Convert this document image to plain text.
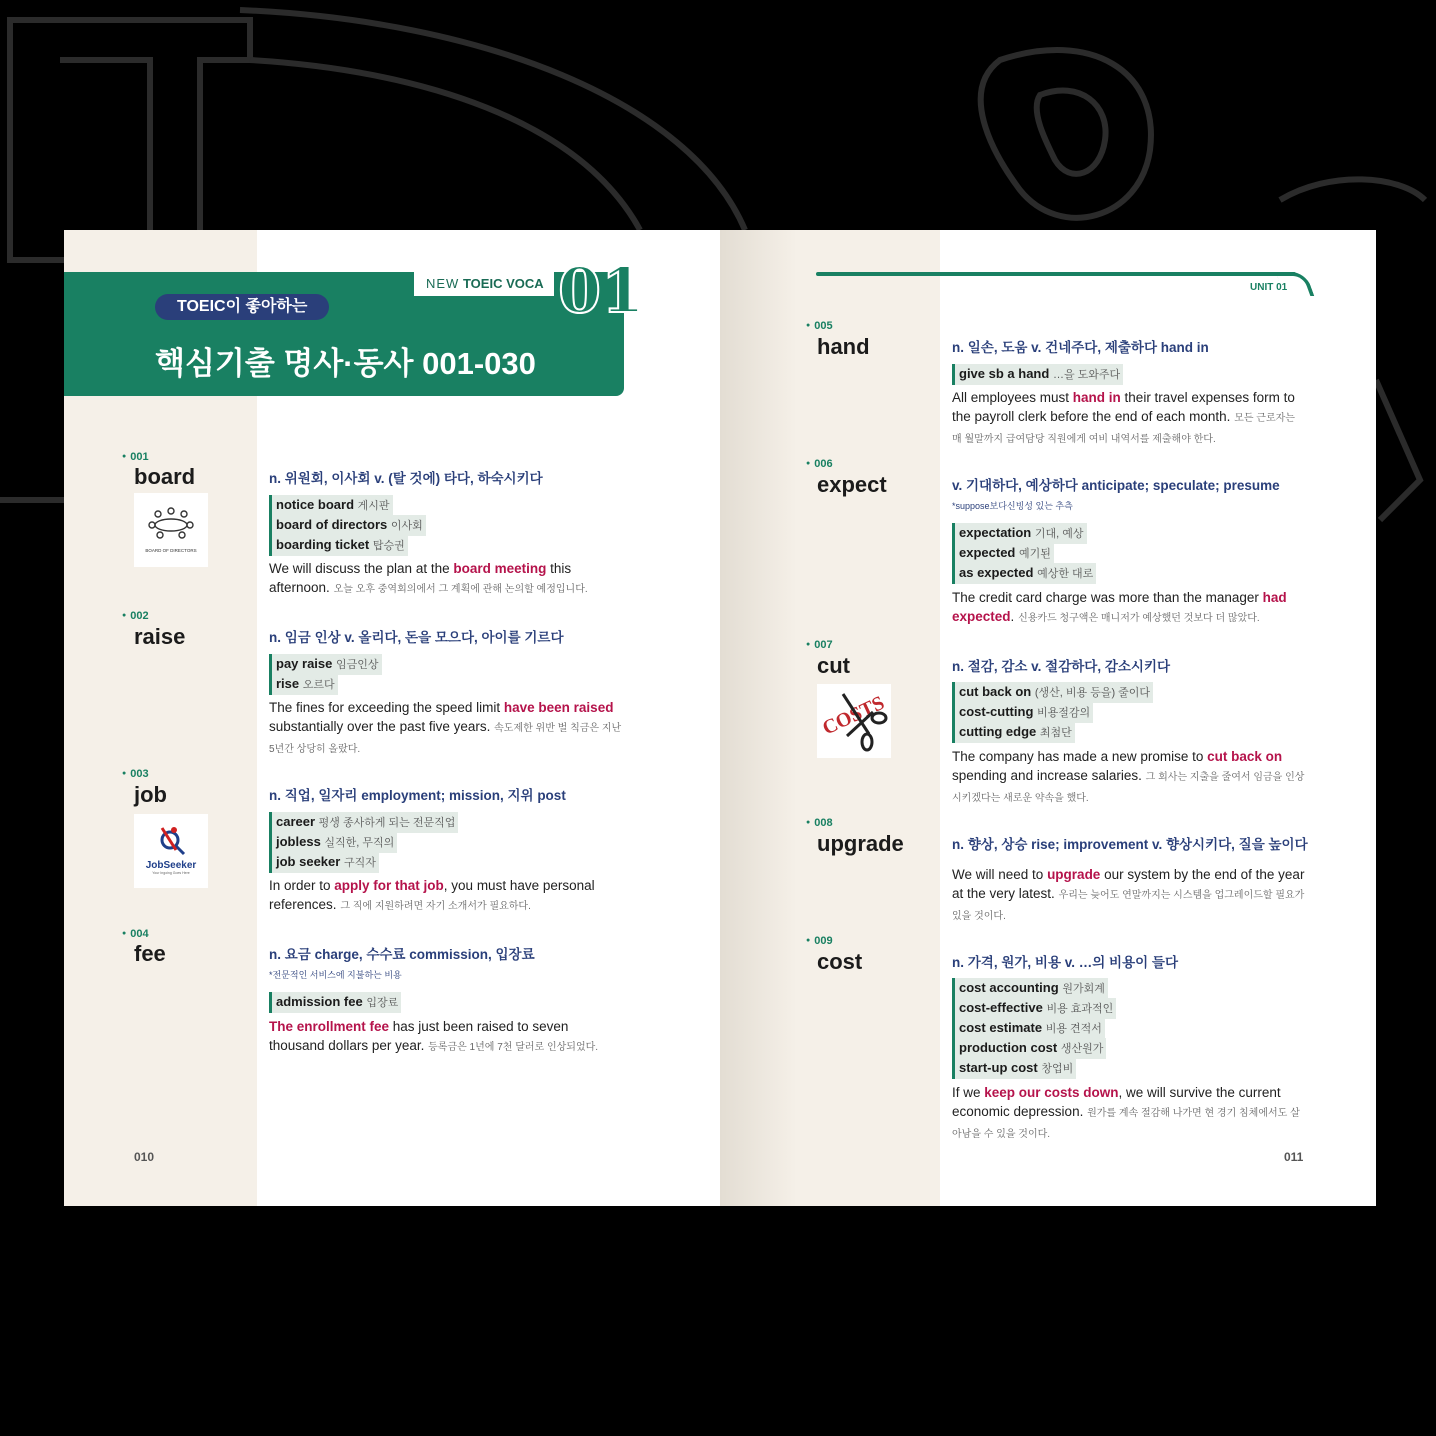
NEW TOEIC VOCA 01
TOEIC이 좋아하는
핵심기출 명사·동사 001-030
● 001
board
BOARD OF DIRECTORS
n. 위원회, 이사회 v. (탈 것에) 타다, 하숙시키다
notice board 게시판
board of directors 이사회
boarding ticket 탑승권
We will discuss the plan at the board meeting this afternoon. 오늘 오후 중역회의에서 그 계획에 관해 논의할 예정입니다.
● 002
raise	n. 임금 인상 v. 올리다, 돈을 모으다, 아이를 기르다
pay raise 임금인상
rise 오르다
The fines for exceeding the speed limit have been raised substantially over the past five years. 속도제한 위반 벌 칙금은 지난 5년간 상당히 올랐다.
● 003
job
JobSeeker
Your Ingoing Goes Here
n. 직업, 일자리 employment; mission, 지위 post
career 평생 종사하게 되는 전문직업
jobless 실직한, 무직의
job seeker 구직자
In order to apply for that job, you must have personal references. 그 직에 지원하려면 자기 소개서가 필요하다.
● 004
fee	n. 요금 charge, 수수료 commission, 입장료
*전문적인 서비스에 지불하는 비용
admission fee 입장료
The enrollment fee has just been raised to seven thousand dollars per year. 등록금은 1년에 7천 달러로 인상되었다.
010
UNIT 01
● 005
hand	n. 일손, 도움 v. 건네주다, 제출하다 hand in
give sb a hand …을 도와주다
All employees must hand in their travel expenses form to the payroll clerk before the end of each month. 모든 근로자는 매 월말까지 급여담당 직원에게 여비 내역서를 제출해야 한다.
● 006
expect	v. 기대하다, 예상하다 anticipate; speculate; presume
*suppose보다신빙성 있는 추측
expectation 기대, 예상
expected 예기된
as expected 예상한 대로
The credit card charge was more than the manager had expected. 신용카드 청구액은 매니저가 예상했던 것보다 더 많았다.
● 007
cut
COSTS
n. 절감, 감소 v. 절감하다, 감소시키다
cut back on (생산, 비용 등을) 줄이다
cost-cutting 비용절감의
cutting edge 최첨단
The company has made a new promise to cut back on spending and increase salaries. 그 회사는 지출을 줄여서 임금을 인상시키겠다는 새로운 약속을 했다.
● 008
upgrade	n. 향상, 상승 rise; improvement v. 향상시키다, 질을 높이다
We will need to upgrade our system by the end of the year at the very latest. 우리는 늦어도 연말까지는 시스템을 업그레이드할 필요가 있을 것이다.
● 009
cost	n. 가격, 원가, 비용 v. …의 비용이 들다
cost accounting 원가회계
cost-effective 비용 효과적인
cost estimate 비용 견적서
production cost 생산원가
start-up cost 창업비
If we keep our costs down, we will survive the current economic depression. 원가를 계속 절감해 나가면 현 경기 침체에서도 살아남을 수 있을 것이다.
011
